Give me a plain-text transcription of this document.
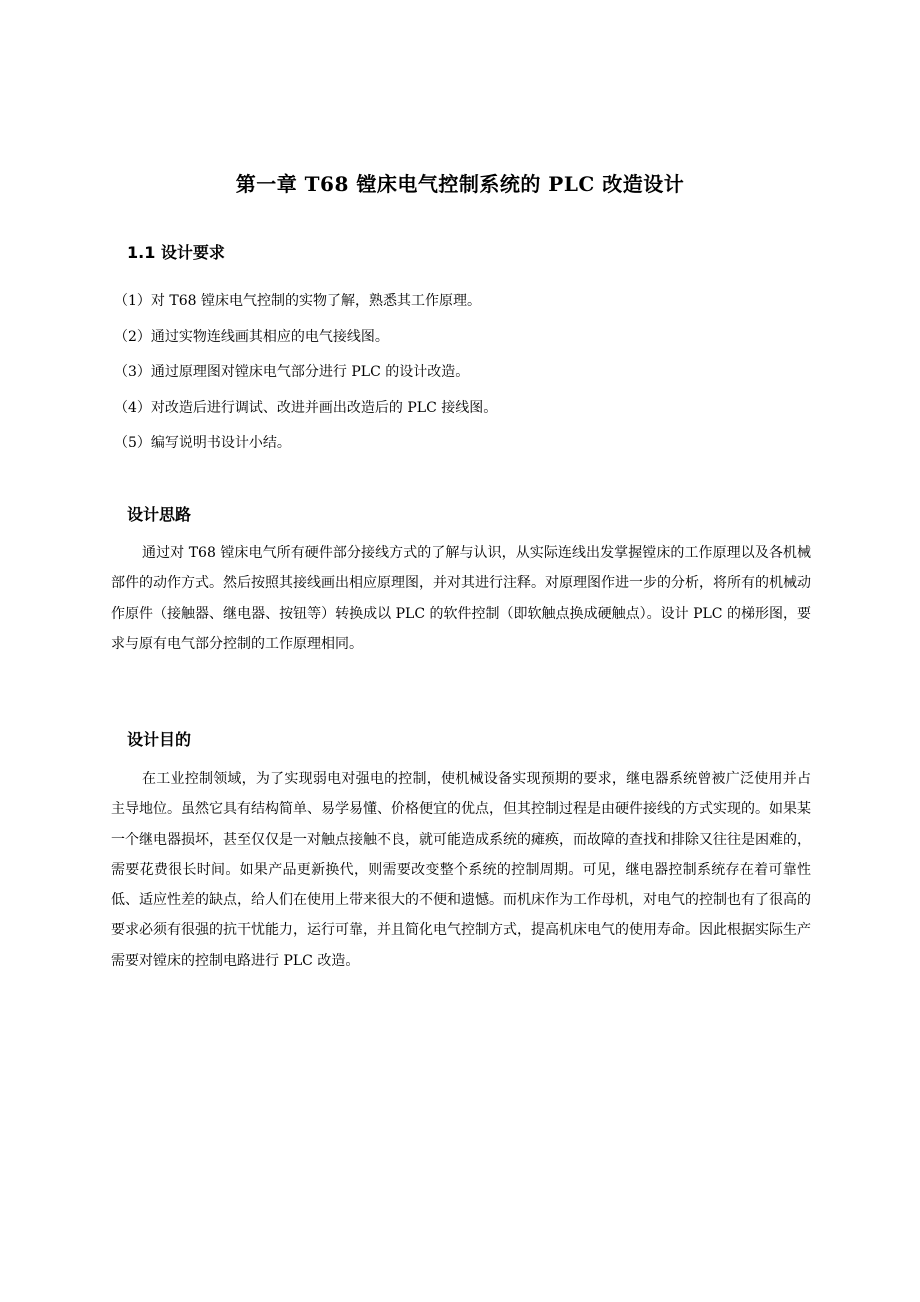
第一章 T68 镗床电气控制系统的 PLC 改造设计
1.1 设计要求
（1）对 T68 镗床电气控制的实物了解，熟悉其工作原理。
（2）通过实物连线画其相应的电气接线图。
（3）通过原理图对镗床电气部分进行 PLC 的设计改造。
（4）对改造后进行调试、改进并画出改造后的 PLC 接线图。
（5）编写说明书设计小结。
设计思路

通过对 T68 镗床电气所有硬件部分接线方式的了解与认识，从实际连线出发掌握镗床的工作原理以及各机械部件的动作方式。然后按照其接线画出相应原理图，并对其进行注释。对原理图作进一步的分析，将所有的机械动作原件（接触器、继电器、按钮等）转换成以 PLC 的软件控制（即软触点换成硬触点）。设计 PLC 的梯形图，要求与原有电气部分控制的工作原理相同。

设计目的

在工业控制领域，为了实现弱电对强电的控制，使机械设备实现预期的要求，继电器系统曾被广泛使用并占主导地位。虽然它具有结构简单、易学易懂、价格便宜的优点，但其控制过程是由硬件接线的方式实现的。如果某一个继电器损坏，甚至仅仅是一对触点接触不良，就可能造成系统的瘫痪，而故障的查找和排除又往往是困难的，需要花费很长时间。如果产品更新换代，则需要改变整个系统的控制周期。可见，继电器控制系统存在着可靠性低、适应性差的缺点，给人们在使用上带来很大的不便和遗憾。而机床作为工作母机，对电气的控制也有了很高的要求必须有很强的抗干忧能力，运行可靠，并且简化电气控制方式，提高机床电气的使用寿命。因此根据实际生产需要对镗床的控制电路进行 PLC 改造。
